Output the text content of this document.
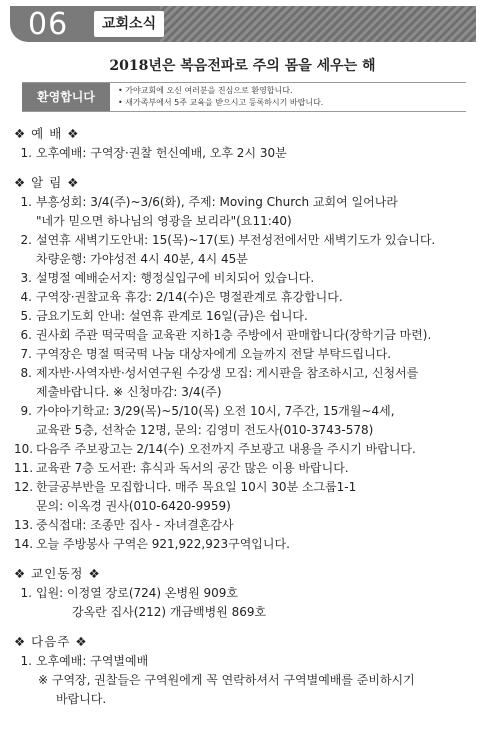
06	교회소식
2018년은 복음전파로 주의 몸을 세우는 해
환영합니다	• 가야교회에 오신 여러분을 진심으로 환영합니다.
• 새가족부에서 5주 교육을 받으시고 등록하시기 바랍니다.
❖ 예 배 ❖
1. 오후예배: 구역장·권찰 헌신예배, 오후 2시 30분
❖ 알 림 ❖
1. 부흥성회: 3/4(주)~3/6(화), 주제: Moving Church 교회여 일어나라
"네가 믿으면 하나님의 영광을 보리라"(요11:40)
2. 설연휴 새벽기도안내: 15(목)~17(토) 부전성전에서만 새벽기도가 있습니다.
차량운행: 가야성전 4시 40분, 4시 45분
3. 설명절 예배순서지: 행정실입구에 비치되어 있습니다.
4. 구역장·권찰교육 휴강: 2/14(수)은 명절관계로 휴강합니다.
5. 금요기도회 안내: 설연휴 관계로 16일(금)은 쉽니다.
6. 권사회 주관 떡국떡을 교육관 지하1층 주방에서 판매합니다(장학기금 마련).
7. 구역장은 명절 떡국떡 나눔 대상자에게 오늘까지 전달 부탁드립니다.
8. 제자반·사역자반·성서연구원 수강생 모집: 게시판을 참조하시고, 신청서를
제출바랍니다. ※ 신청마감: 3/4(주)
9. 가야아기학교: 3/29(목)~5/10(목) 오전 10시, 7주간, 15개월~4세,
교육관 5층, 선착순 12명, 문의: 김영미 전도사(010-3743-578)
10. 다음주 주보광고는 2/14(수) 오전까지 주보광고 내용을 주시기 바랍니다.
11. 교육관 7층 도서관: 휴식과 독서의 공간 많은 이용 바랍니다.
12. 한글공부반을 모집합니다. 매주 목요일 10시 30분 소그룹1-1
문의: 이옥경 권사(010-6420-9959)
13. 중식접대: 조종만 집사 - 자녀결혼감사
14. 오늘 주방봉사 구역은 921,922,923구역입니다.
❖ 교인동정 ❖
1. 입원: 이정열 장로(724) 온병원 909호
강옥란 집사(212) 개금백병원 869호
❖ 다음주 ❖
1. 오후예배: 구역별예배
※ 구역장, 권찰들은 구역원에게 꼭 연락하셔서 구역별예배를 준비하시기
바랍니다.
